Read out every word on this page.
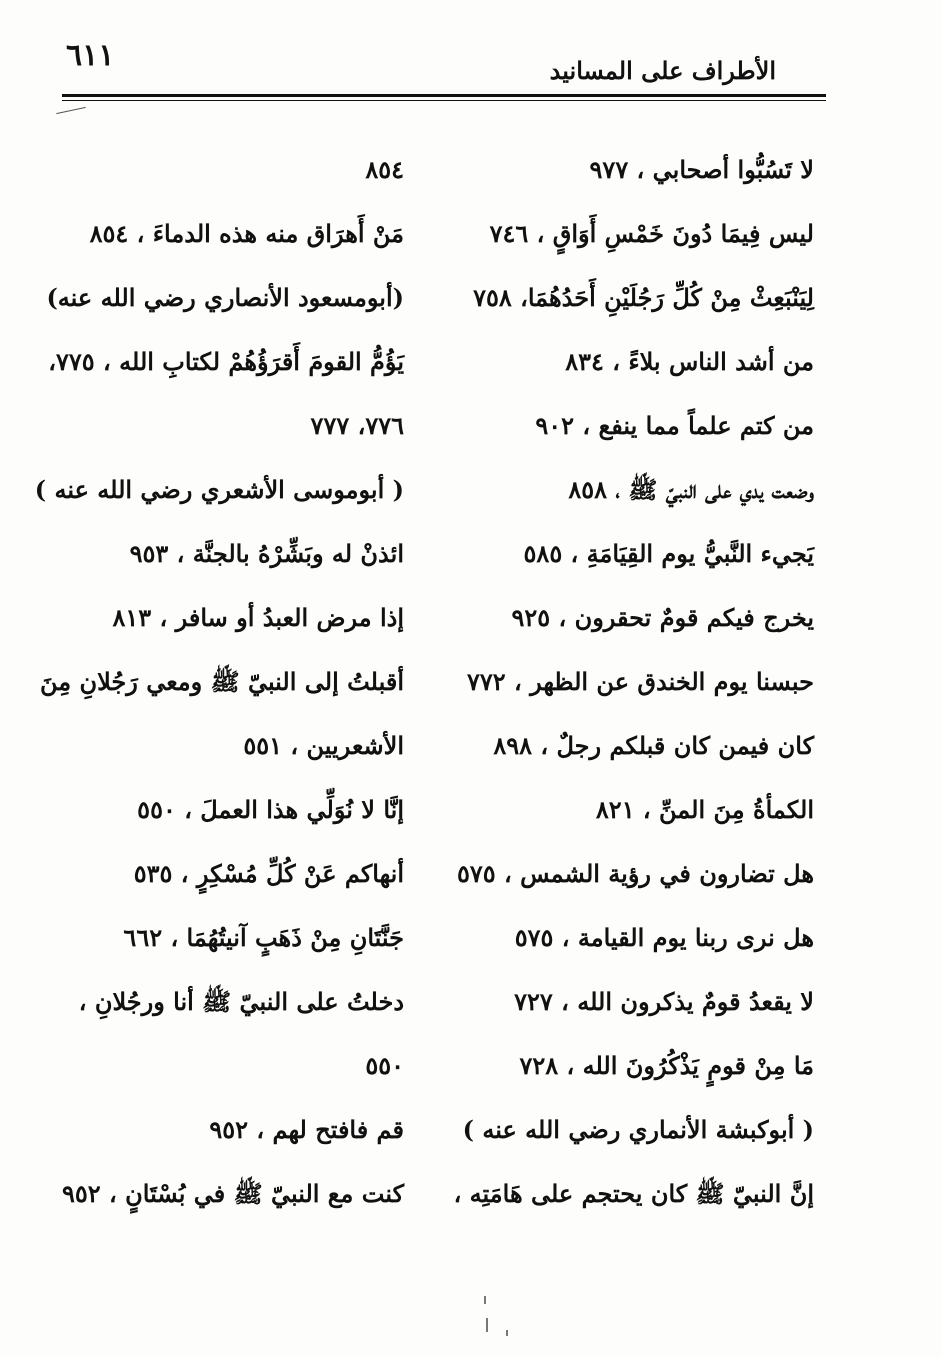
٦١١	الأطراف على المسانيد
لا تَسُبُّوا أصحابي ، ٩٧٧
ليس فِيمَا دُونَ خَمْسِ أَوَاقٍ ، ٧٤٦
لِيَنْبَعِثْ مِنْ كُلِّ رَجُلَيْنِ أَحَدُهُمَا، ٧٥٨
من أشد الناس بلاءً ، ٨٣٤
من كتم علماً مما ينفع ، ٩٠٢
وضعت يدي على النبيّ ﷺ ، ٨٥٨
يَجيء النَّبيُّ يوم القِيَامَةِ ، ٥٨٥
يخرج فيكم قومٌ تحقرون ، ٩٢٥
حبسنا يوم الخندق عن الظهر ، ٧٧٢
كان فيمن كان قبلكم رجلٌ ، ٨٩٨
الكمأةُ مِنَ المنِّ ، ٨٢١
هل تضارون في رؤية الشمس ، ٥٧٥
هل نرى ربنا يوم القيامة ، ٥٧٥
لا يقعدُ قومٌ يذكرون الله ، ٧٢٧
مَا مِنْ قومٍ يَذْكُرُونَ الله ، ٧٢٨
( أبوكبشة الأنماري رضي الله عنه )
إنَّ النبيّ ﷺ كان يحتجم على هَامَتِه ،
٨٥٤
مَنْ أَهرَاق منه هذه الدماءَ ، ٨٥٤
(أبومسعود الأنصاري رضي الله عنه)
يَؤُمُّ القومَ أَقرَؤُهُمْ لكتابِ الله ، ٧٧٥،
٧٧٦، ٧٧٧
( أبوموسى الأشعري رضي الله عنه )
ائذنْ له وبَشِّرْهُ بالجنَّة ، ٩٥٣
إذا مرض العبدُ أو سافر ، ٨١٣
أقبلتُ إلى النبيّ ﷺ ومعي رَجُلانِ مِنَ
الأشعريين ، ٥٥١
إنَّا لا نُوَلِّي هذا العملَ ، ٥٥٠
أنهاكم عَنْ كُلِّ مُسْكِرٍ ، ٥٣٥
جَنَّتَانِ مِنْ ذَهَبٍ آنيتُهُمَا ، ٦٦٢
دخلتُ على النبيّ ﷺ أنا ورجُلانِ ،
٥٥٠
قم فافتح لهم ، ٩٥٢
كنت مع النبيّ ﷺ في بُسْتَانٍ ، ٩٥٢
